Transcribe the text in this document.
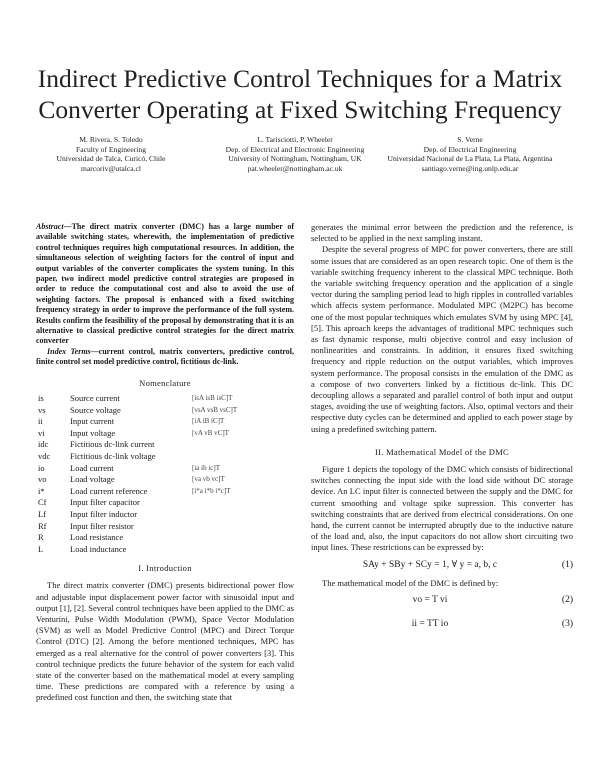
Indirect Predictive Control Techniques for a Matrix
Converter Operating at Fixed Switching Frequency
M. Rivera, S. Toledo
Faculty of Engineering
Universidad de Talca, Curicó, Chile
marcoriv@utalca.cl
L. Tarisciotti, P. Wheeler
Dep. of Electrical and Electronic Engineering
University of Nottingham, Nottingham, UK
pat.wheeler@nottingham.ac.uk
S. Verne
Dep. of Electrical Engineering
Universidad Nacional de La Plata, La Plata, Argentina
santiago.verne@ing.unlp.edu.ar

Abstract—The direct matrix converter (DMC) has a large number of available switching states, wherewith, the implementation of predictive control techniques requires high computational resources. In addition, the simultaneous selection of weighting factors for the control of input and output variables of the converter complicates the system tuning. In this paper, two indirect model predictive control strategies are proposed in order to reduce the computational cost and also to avoid the use of weighting factors. The proposal is enhanced with a fixed switching frequency strategy in order to improve the performance of the full system. Results confirm the feasibility of the proposal by demonstrating that it is an alternative to classical predictive control strategies for the direct matrix converter

Index Terms—current control, matrix converters, predictive control, finite control set model predictive control, fictitious dc-link.

Nomenclature
is	Source current	[isA isB isC]T
vs	Source voltage	[vsA vsB vsC]T
ii	Input current	[iA iB iC]T
vi	Input voltage	[vA vB vC]T
idc	Fictitious dc-link current
vdc	Fictitious dc-link voltage
io	Load current	[ia ib ic]T
vo	Load voltage	[va vb vc]T
i*	Load current reference	[i*a i*b i*c]T
Cf	Input filter capacitor
Lf	Input filter inductor
Rf	Input filter resistor
R	Load resistance
L	Load inductance
I. Introduction

The direct matrix converter (DMC) presents bidirectional power flow and adjustable input displacement power factor with sinusoidal input and output [1], [2]. Several control techniques have been applied to the DMC as Venturini, Pulse Width Modulation (PWM), Space Vector Modulation (SVM) as well as Model Predictive Control (MPC) and Direct Torque Control (DTC) [2]. Among the before mentioned techniques, MPC has emerged as a real alternative for the control of power converters [3]. This control technique predicts the future behavior of the system for each valid state of the converter based on the mathematical model at every sampling time. These predictions are compared with a reference by using a predefined cost function and then, the switching state that

generates the minimal error between the prediction and the reference, is selected to be applied in the next sampling instant.

Despite the several progress of MPC for power converters, there are still some issues that are considered as an open research topic. One of them is the variable switching frequency inherent to the classical MPC technique. Both the variable switching frequency operation and the application of a single vector during the sampling period lead to high ripples in controlled variables which affects system performance. Modulated MPC (M2PC) has become one of the most popular techniques which emulates SVM by using MPC [4], [5]. This aproach keeps the advantages of traditional MPC techniques such as fast dynamic response, multi objective control and easy inclusion of nonlinearities and constraints. In addition, it ensures fixed switching frequency and ripple reduction on the output variables, which improves system performance. The proposal consists in the emulation of the DMC as a compose of two converters linked by a fictitious dc-link. This DC decoupling allows a separated and parallel control of both input and output stages, avoiding the use of weighting factors. Also, optimal vectors and their respective duty cycles can be determined and applied to each power stage by using a predefined switching pattern.

II. Mathematical Model of the DMC

Figure 1 depicts the topology of the DMC which consists of bidirectional switches connecting the input side with the load side without DC storage device. An LC input filter is connected between the supply and the DMC for current smoothing and voltage spike supression. This converter has switching constraints that are derived from electrical considerations. On one hand, the current cannot be interrupted abruptly due to the inductive nature of the load and, also, the input capacitors do not allow short circuiting two input lines. These restrictions can be expressed by:

SAy + SBy + SCy = 1, ∀ y = a, b, c	(1)

The mathematical model of the DMC is defined by:

vo = T vi	(2)
ii = TT io	(3)
